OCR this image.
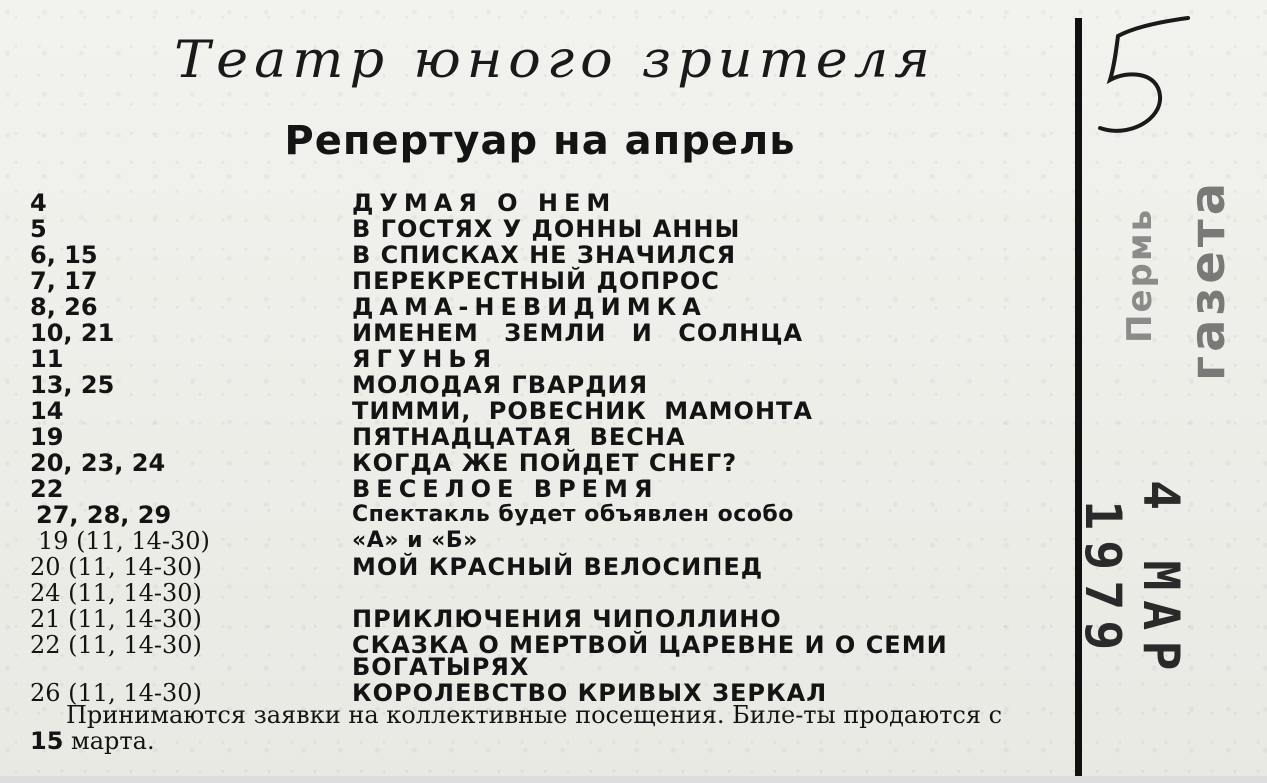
Театр юного зрителя
Репертуар на апрель
4	ДУМАЯ О НЕМ
5	В ГОСТЯХ У ДОННЫ АННЫ
6, 15	В СПИСКАХ НЕ ЗНАЧИЛСЯ
7, 17	ПЕРЕКРЕСТНЫЙ ДОПРОС
8, 26	ДАМА-НЕВИДИМКА
10, 21	ИМЕНЕМ ЗЕМЛИ И СОЛНЦА
11	ЯГУНЬЯ
13, 25	МОЛОДАЯ ГВАРДИЯ
14	ТИММИ, РОВЕСНИК МАМОНТА
19	ПЯТНАДЦАТАЯ ВЕСНА
20, 23, 24	КОГДА ЖЕ ПОЙДЕТ СНЕГ?
22	ВЕСЕЛОЕ ВРЕМЯ
27, 28, 29	Спектакль будет объявлен особо
19 (11, 14-30)	«А» и «Б»
20 (11, 14-30)	МОЙ КРАСНЫЙ ВЕЛОСИПЕД
24 (11, 14-30)
21 (11, 14-30)	ПРИКЛЮЧЕНИЯ ЧИПОЛЛИНО
22 (11, 14-30)	СКАЗКА О МЕРТВОЙ ЦАРЕВНЕ И О СЕМИ
БОГАТЫРЯХ
26 (11, 14-30)	КОРОЛЕВСТВО КРИВЫХ ЗЕРКАЛ
Принимаются заявки на коллективные посещения. Биле-ты продаются с 15 марта.
Пермь газета
4 МАР 1979
